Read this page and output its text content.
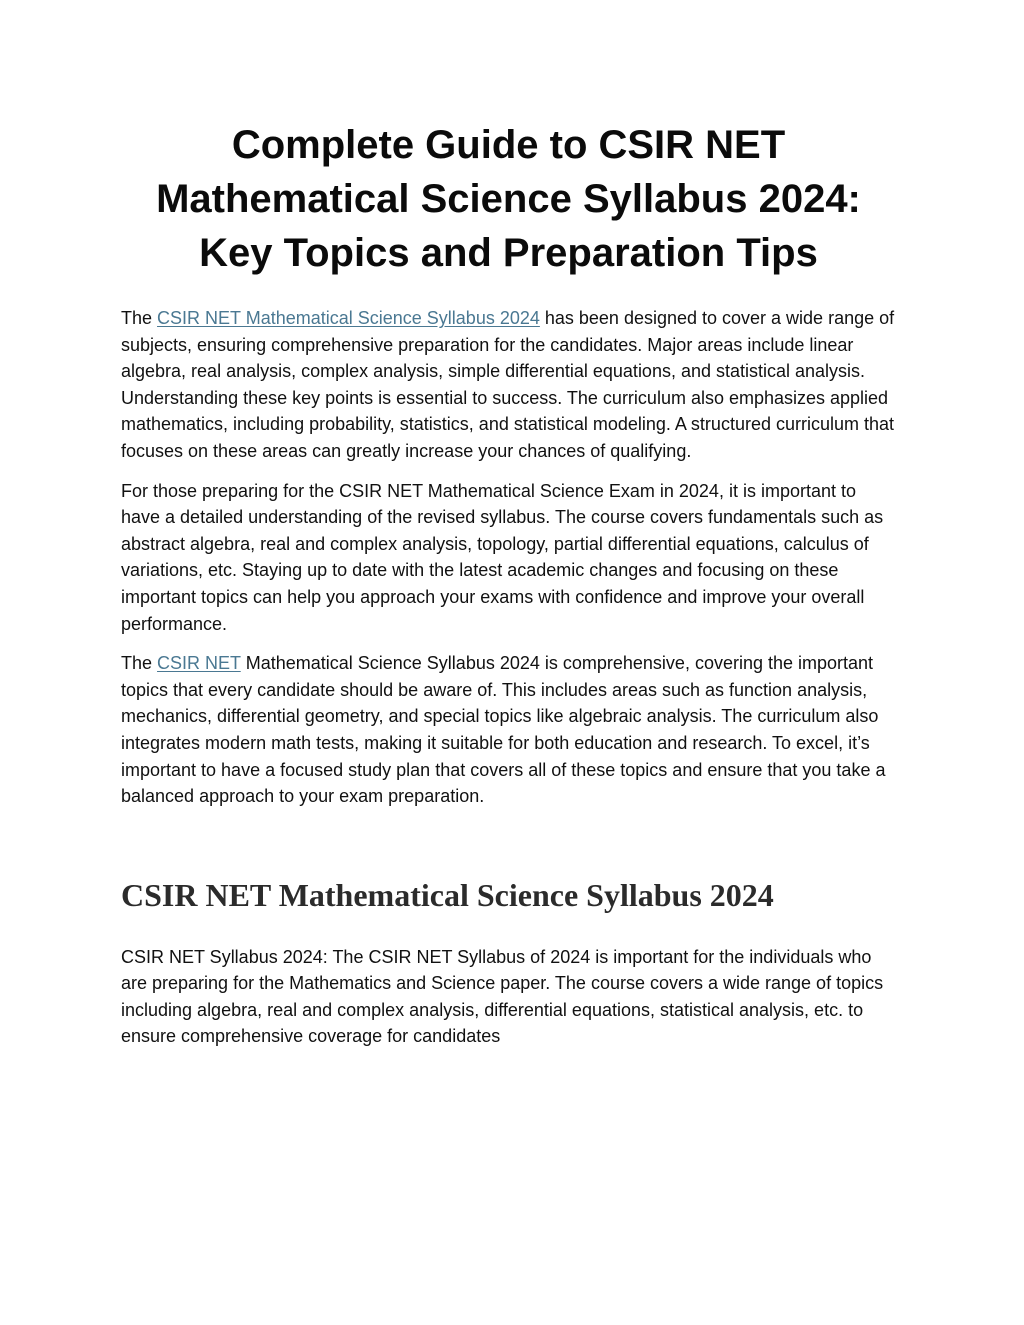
Complete Guide to CSIR NET
Mathematical Science Syllabus 2024:
Key Topics and Preparation Tips

The CSIR NET Mathematical Science Syllabus 2024 has been designed to cover a wide range of subjects, ensuring comprehensive preparation for the candidates. Major areas include linear algebra, real analysis, complex analysis, simple differential equations, and statistical analysis. Understanding these key points is essential to success. The curriculum also emphasizes applied mathematics, including probability, statistics, and statistical modeling. A structured curriculum that focuses on these areas can greatly increase your chances of qualifying.

For those preparing for the CSIR NET Mathematical Science Exam in 2024, it is important to have a detailed understanding of the revised syllabus. The course covers fundamentals such as abstract algebra, real and complex analysis, topology, partial differential equations, calculus of variations, etc. Staying up to date with the latest academic changes and focusing on these important topics can help you approach your exams with confidence and improve your overall performance.

The CSIR NET Mathematical Science Syllabus 2024 is comprehensive, covering the important topics that every candidate should be aware of. This includes areas such as function analysis, mechanics, differential geometry, and special topics like algebraic analysis. The curriculum also integrates modern math tests, making it suitable for both education and research. To excel, it’s important to have a focused study plan that covers all of these topics and ensure that you take a balanced approach to your exam preparation.

CSIR NET Mathematical Science Syllabus 2024

CSIR NET Syllabus 2024: The CSIR NET Syllabus of 2024 is important for the individuals who are preparing for the Mathematics and Science paper. The course covers a wide range of topics including algebra, real and complex analysis, differential equations, statistical analysis, etc. to ensure comprehensive coverage for candidates
